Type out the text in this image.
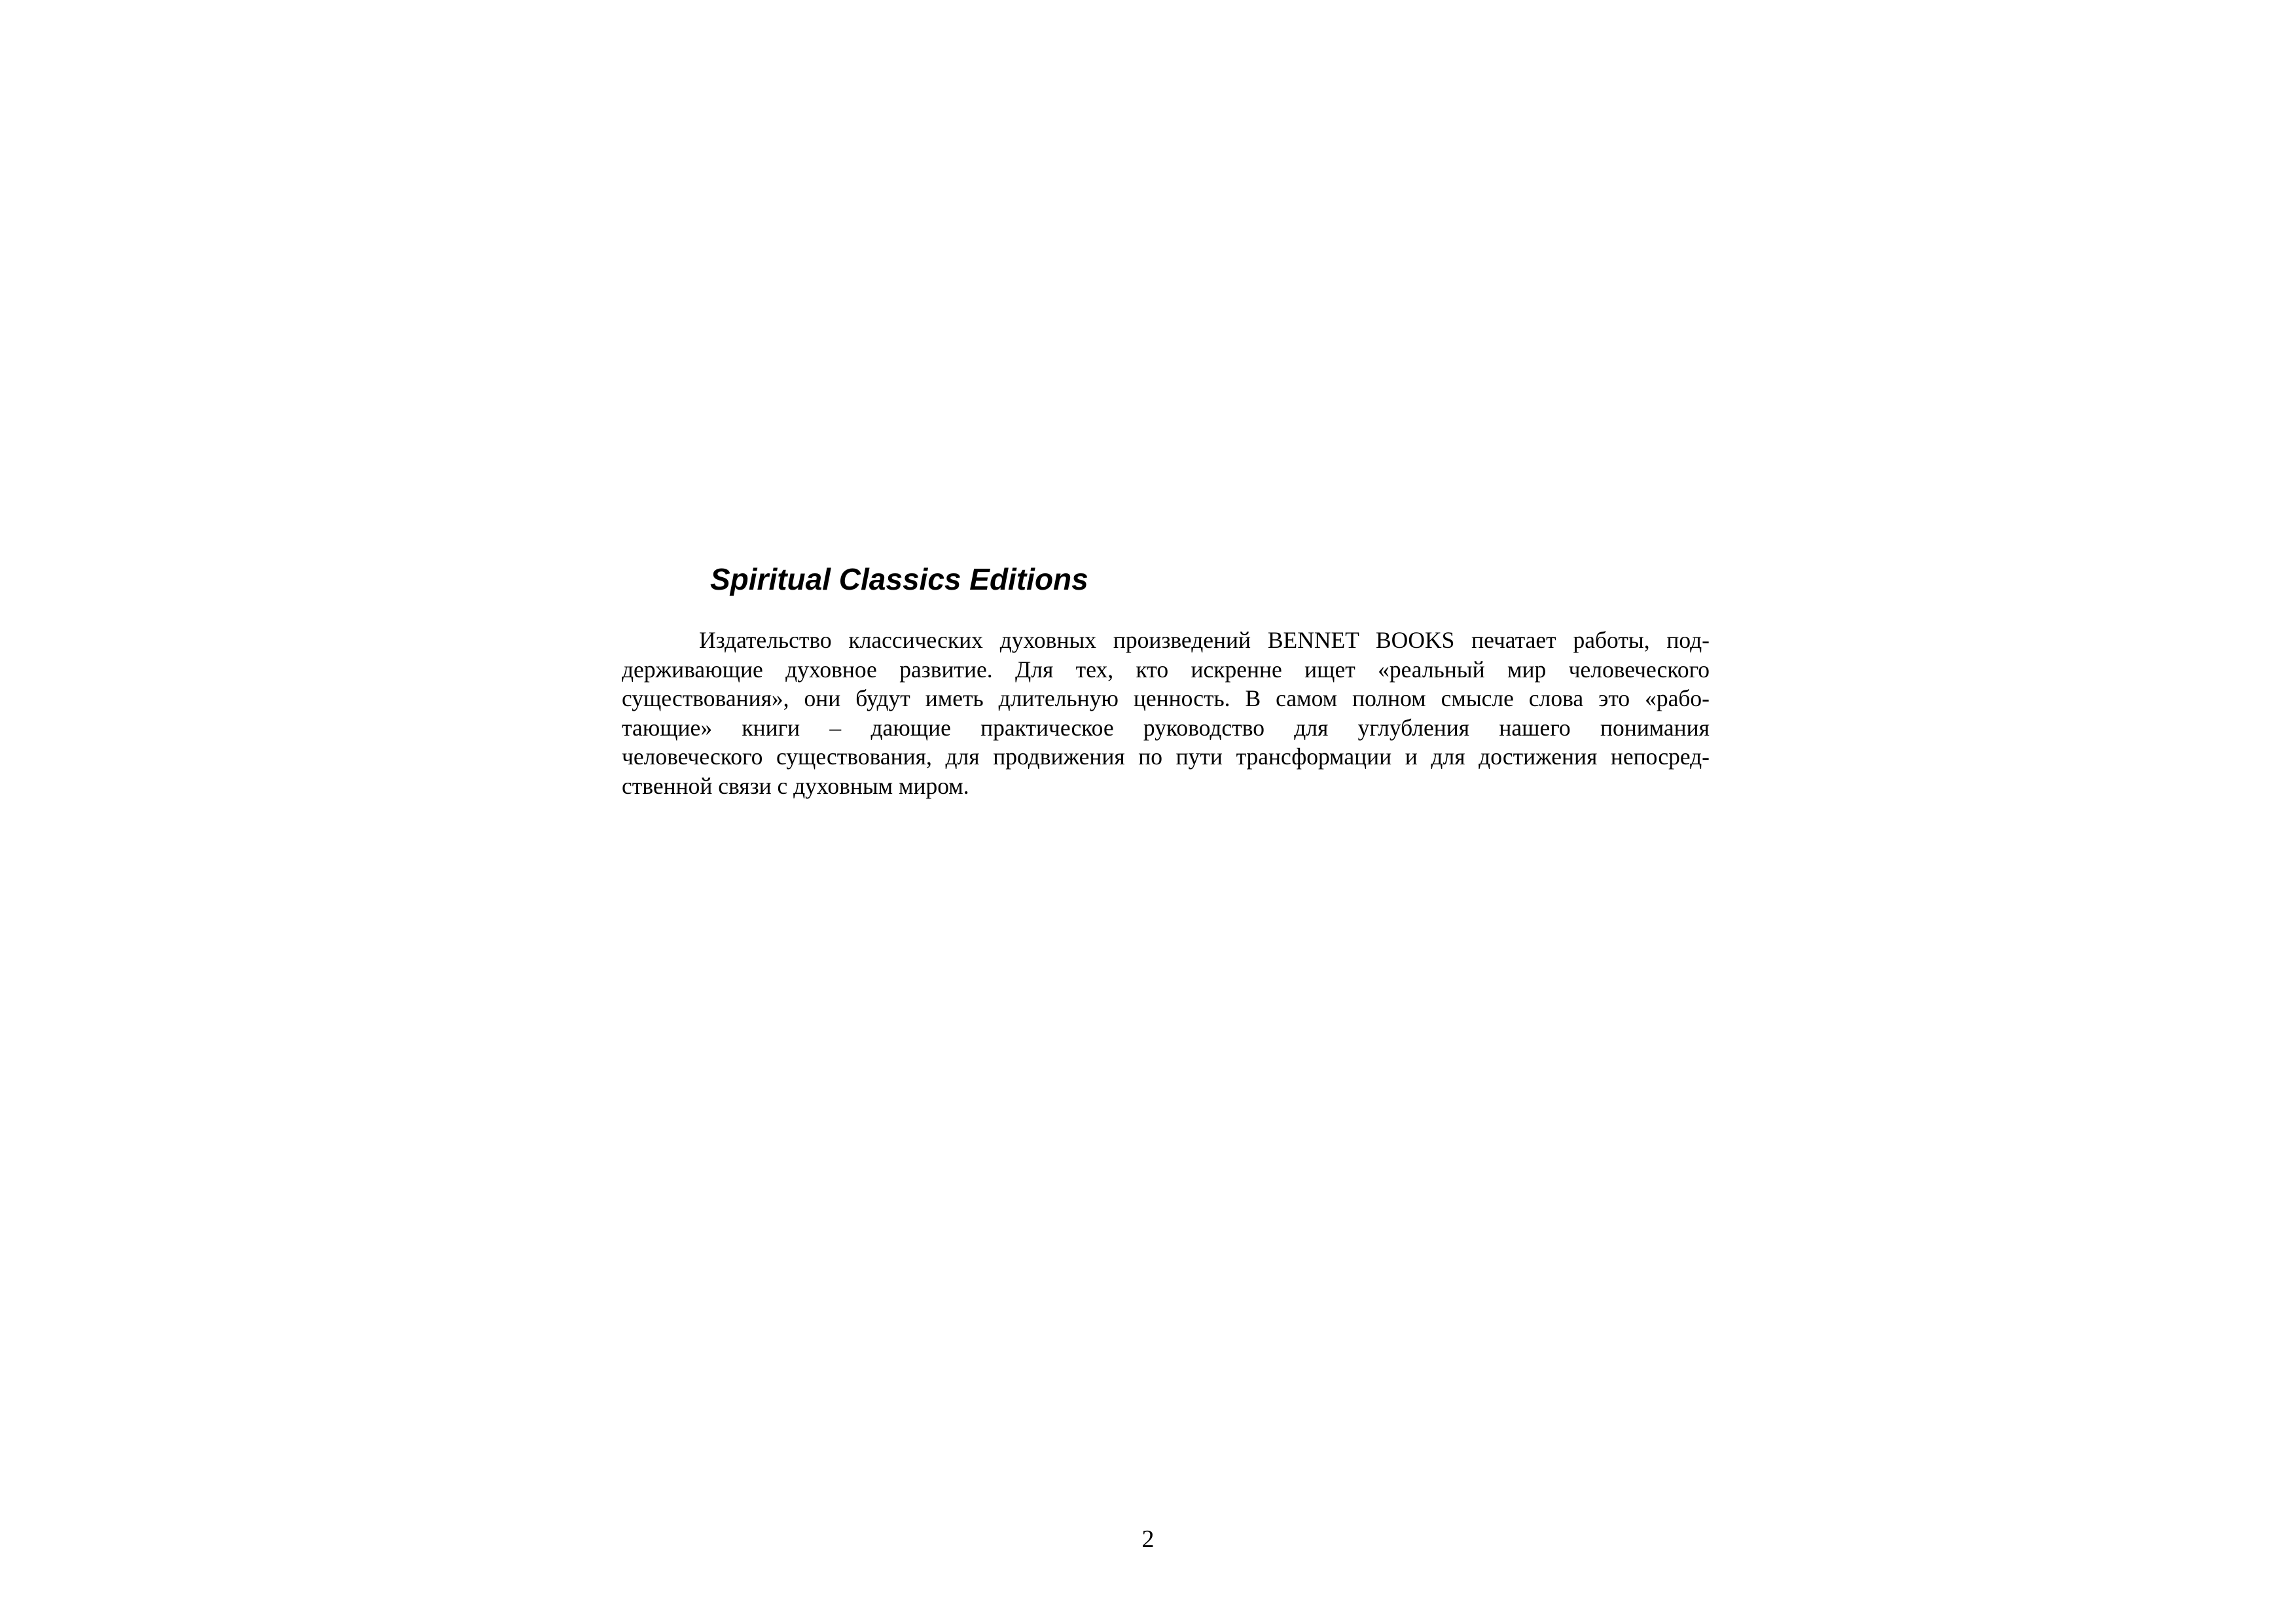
Spiritual Classics Editions
Издательство классических духовных произведений BENNET BOOKS печатает работы, под-
держивающие духовное развитие. Для тех, кто искренне ищет «реальный мир человеческого
существования», они будут иметь длительную ценность. В самом полном смысле слова это «рабо-
тающие» книги – дающие практическое руководство для углубления нашего понимания
человеческого существования, для продвижения по пути трансформации и для достижения непосред-
ственной связи с духовным миром.

2
